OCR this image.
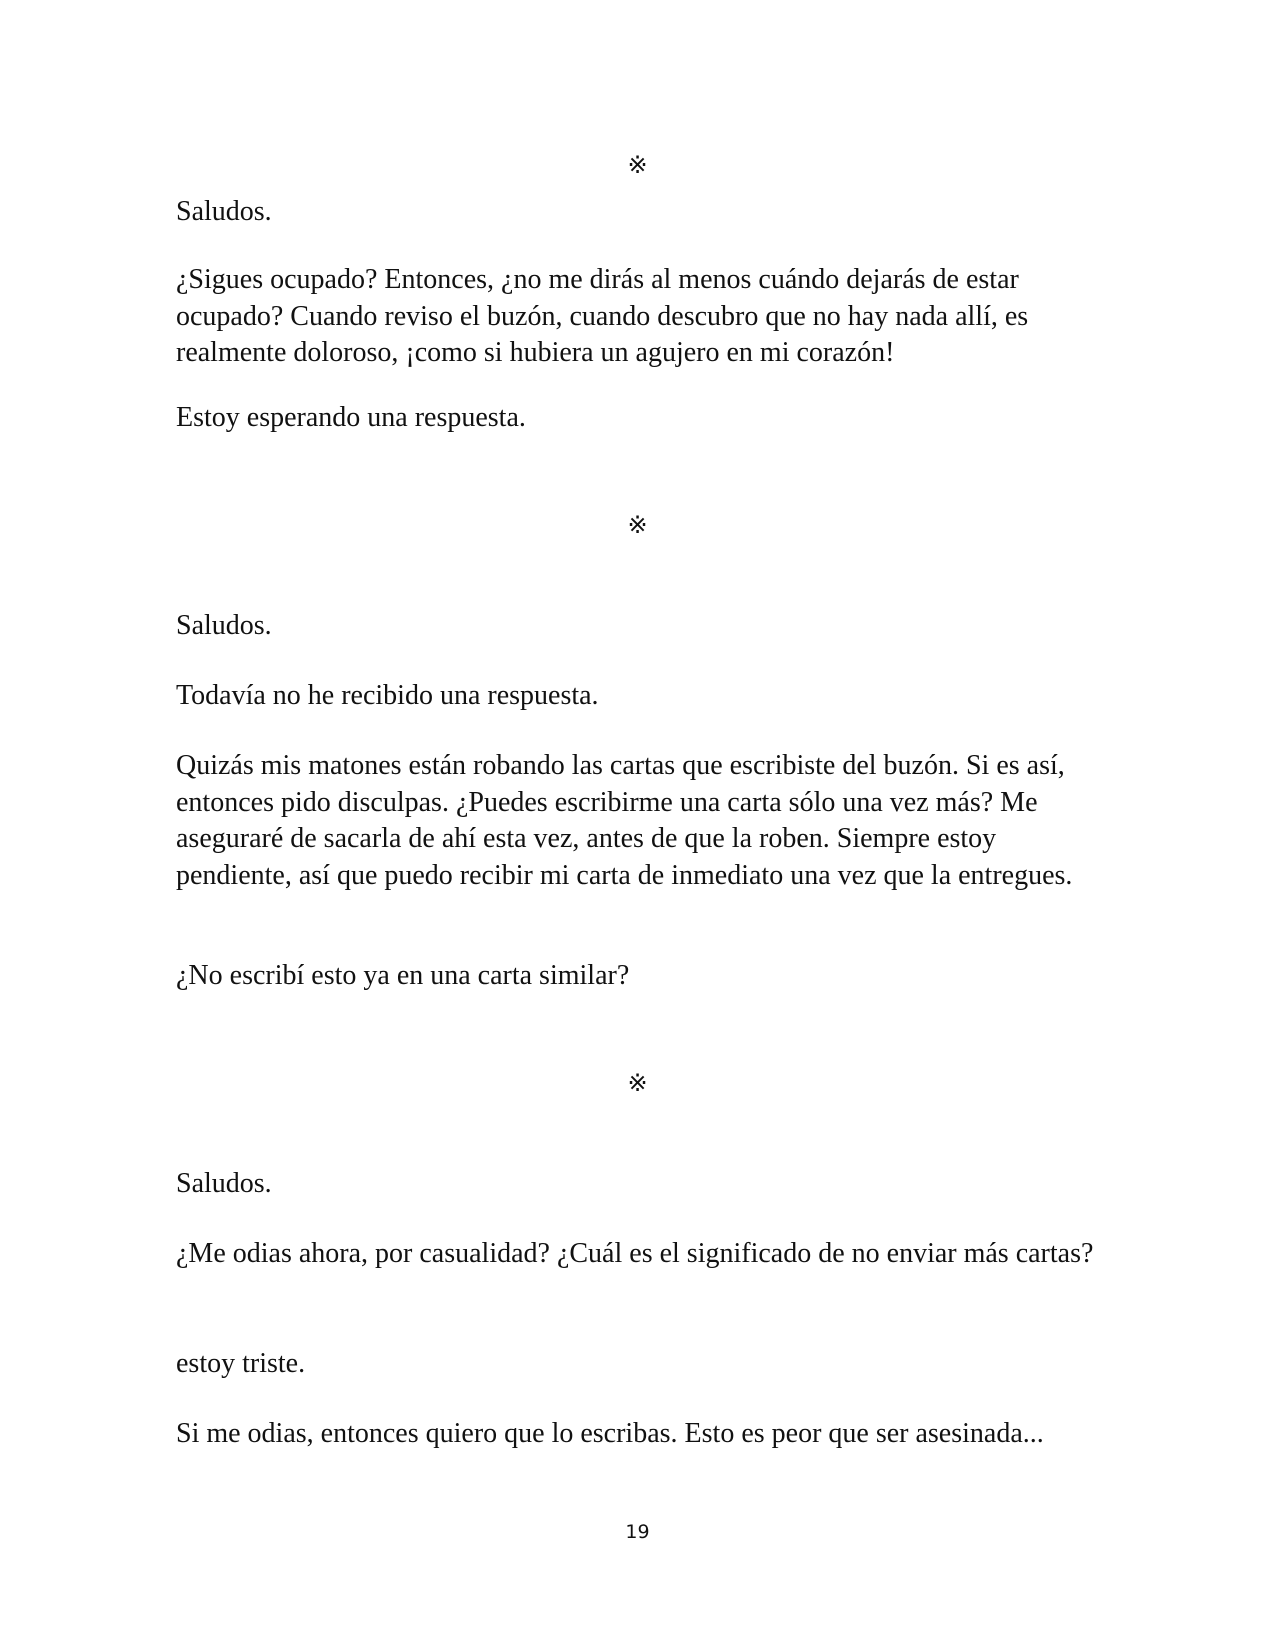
※

Saludos.

¿Sigues ocupado? Entonces, ¿no me dirás al menos cuándo dejarás de estar ocupado? Cuando reviso el buzón, cuando descubro que no hay nada allí, es realmente doloroso, ¡como si hubiera un agujero en mi corazón!

Estoy esperando una respuesta.

※

Saludos.

Todavía no he recibido una respuesta.

Quizás mis matones están robando las cartas que escribiste del buzón. Si es así, entonces pido disculpas. ¿Puedes escribirme una carta sólo una vez más? Me aseguraré de sacarla de ahí esta vez, antes de que la roben. Siempre estoy pendiente, así que puedo recibir mi carta de inmediato una vez que la entregues.

¿No escribí esto ya en una carta similar?

※

Saludos.

¿Me odias ahora, por casualidad? ¿Cuál es el significado de no enviar más cartas?

estoy triste.

Si me odias, entonces quiero que lo escribas. Esto es peor que ser asesinada...

19
